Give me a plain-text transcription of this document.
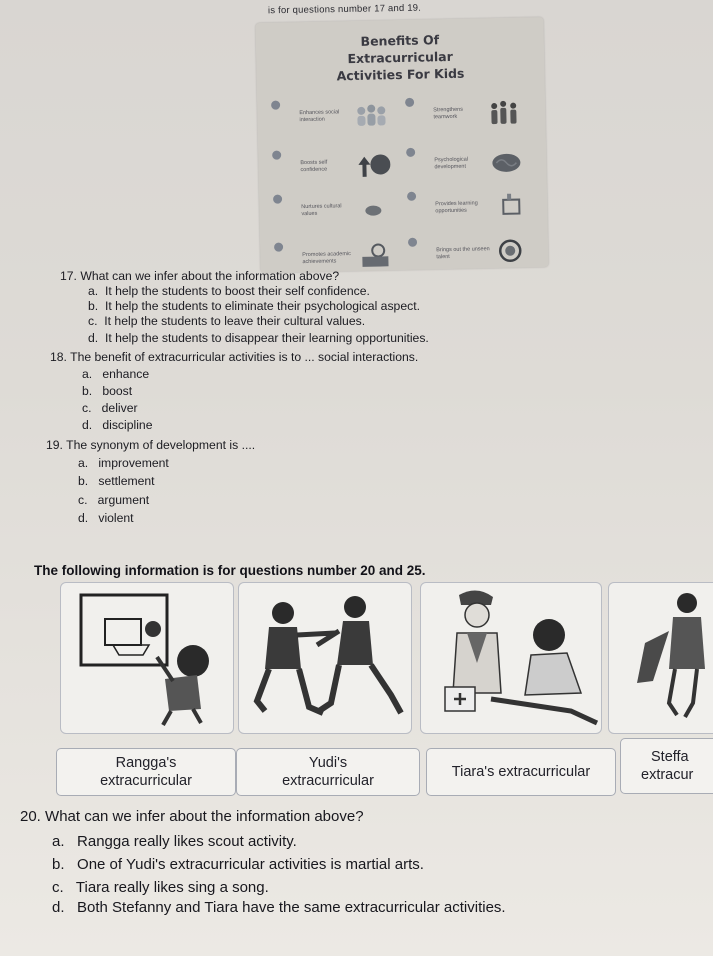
is for questions number 17 and 19.
Benefits Of
Extracurricular
Activities For Kids
Enhances social interaction
Strengthens teamwork
Boosts self confidence
Psychological development
Nurtures cultural values
Provides learning opportunities
Promotes academic achievements
Brings out the unseen talent
17. What can we infer about the information above?
a. It help the students to boost their self confidence.
b. It help the students to eliminate their psychological aspect.
c. It help the students to leave their cultural values.
d. It help the students to disappear their learning opportunities.
18. The benefit of extracurricular activities is to ... social interactions.
a. enhance
b. boost
c. deliver
d. discipline
19. The synonym of development is ....
a. improvement
b. settlement
c. argument
d. violent
The following information is for questions number 20 and 25.
Rangga's
extracurricular
Yudi's
extracurricular
Tiara's extracurricular
Steffa
extracur
20. What can we infer about the information above?
a. Rangga really likes scout activity.
b. One of Yudi's extracurricular activities is martial arts.
c. Tiara really likes sing a song.
d. Both Stefanny and Tiara have the same extracurricular activities.
